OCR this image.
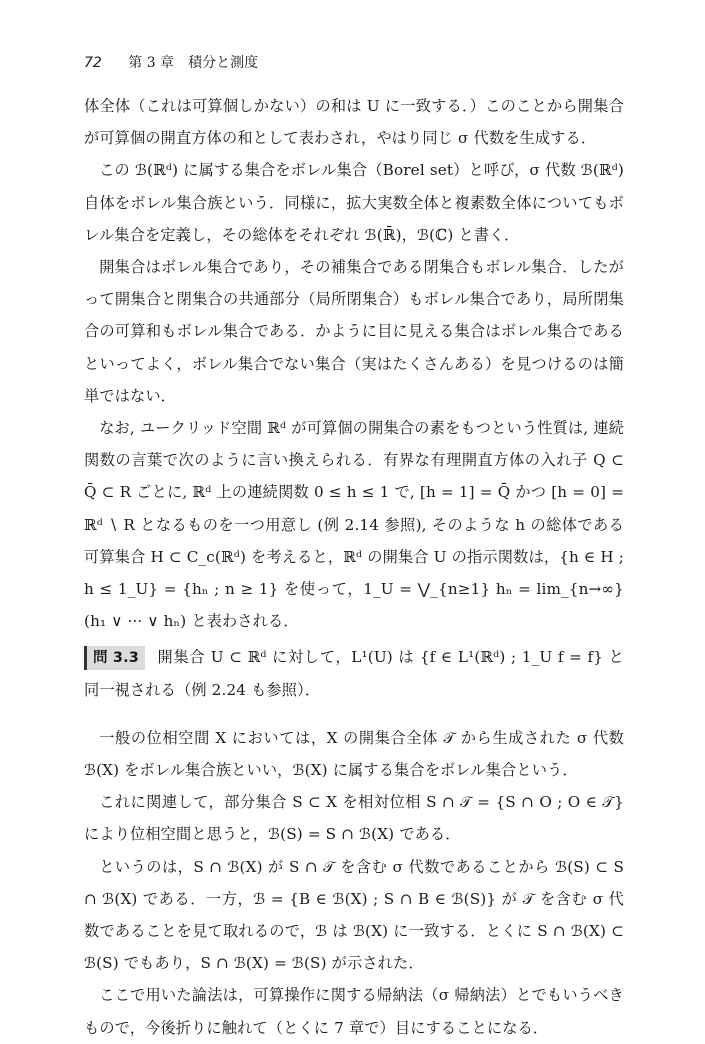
72 第 3 章　積分と測度

体全体（これは可算個しかない）の和は U に一致する．）このことから開集合が可算個の開直方体の和として表わされ，やはり同じ σ 代数を生成する．

この ℬ(ℝᵈ) に属する集合をボレル集合（Borel set）と呼び，σ 代数 ℬ(ℝᵈ) 自体をボレル集合族という．同様に，拡大実数全体と複素数全体についてもボレル集合を定義し，その総体をそれぞれ ℬ(ℝ̄)，ℬ(ℂ) と書く．

開集合はボレル集合であり，その補集合である閉集合もボレル集合．したがって開集合と閉集合の共通部分（局所閉集合）もボレル集合であり，局所閉集合の可算和もボレル集合である．かように目に見える集合はボレル集合であるといってよく，ボレル集合でない集合（実はたくさんある）を見つけるのは簡単ではない．

なお, ユークリッド空間 ℝᵈ が可算個の開集合の素をもつという性質は, 連続関数の言葉で次のように言い換えられる．有界な有理開直方体の入れ子 Q ⊂ Q̄ ⊂ R ごとに, ℝᵈ 上の連続関数 0 ≤ h ≤ 1 で, [h = 1] = Q̄ かつ [h = 0] = ℝᵈ ∖ R となるものを一つ用意し (例 2.14 参照), そのような h の総体である可算集合 H ⊂ C_c(ℝᵈ) を考えると，ℝᵈ の開集合 U の指示関数は，{h ∈ H ; h ≤ 1_U} = {hₙ ; n ≥ 1} を使って，1_U = ⋁_{n≥1} hₙ = lim_{n→∞}(h₁ ∨ ··· ∨ hₙ) と表わされる．

問 3.3 開集合 U ⊂ ℝᵈ に対して，L¹(U) は {f ∈ L¹(ℝᵈ) ; 1_U f = f} と同一視される（例 2.24 も参照）．

一般の位相空間 X においては，X の開集合全体 𝒯 から生成された σ 代数 ℬ(X) をボレル集合族といい，ℬ(X) に属する集合をボレル集合という．

これに関連して，部分集合 S ⊂ X を相対位相 S ∩ 𝒯 = {S ∩ O ; O ∈ 𝒯} により位相空間と思うと，ℬ(S) = S ∩ ℬ(X) である．

というのは，S ∩ ℬ(X) が S ∩ 𝒯 を含む σ 代数であることから ℬ(S) ⊂ S ∩ ℬ(X) である．一方，ℬ = {B ∈ ℬ(X) ; S ∩ B ∈ ℬ(S)} が 𝒯 を含む σ 代数であることを見て取れるので，ℬ は ℬ(X) に一致する．とくに S ∩ ℬ(X) ⊂ ℬ(S) でもあり，S ∩ ℬ(X) = ℬ(S) が示された．

ここで用いた論法は，可算操作に関する帰納法（σ 帰納法）とでもいうべきもので，今後折りに触れて（とくに 7 章で）目にすることになる．
